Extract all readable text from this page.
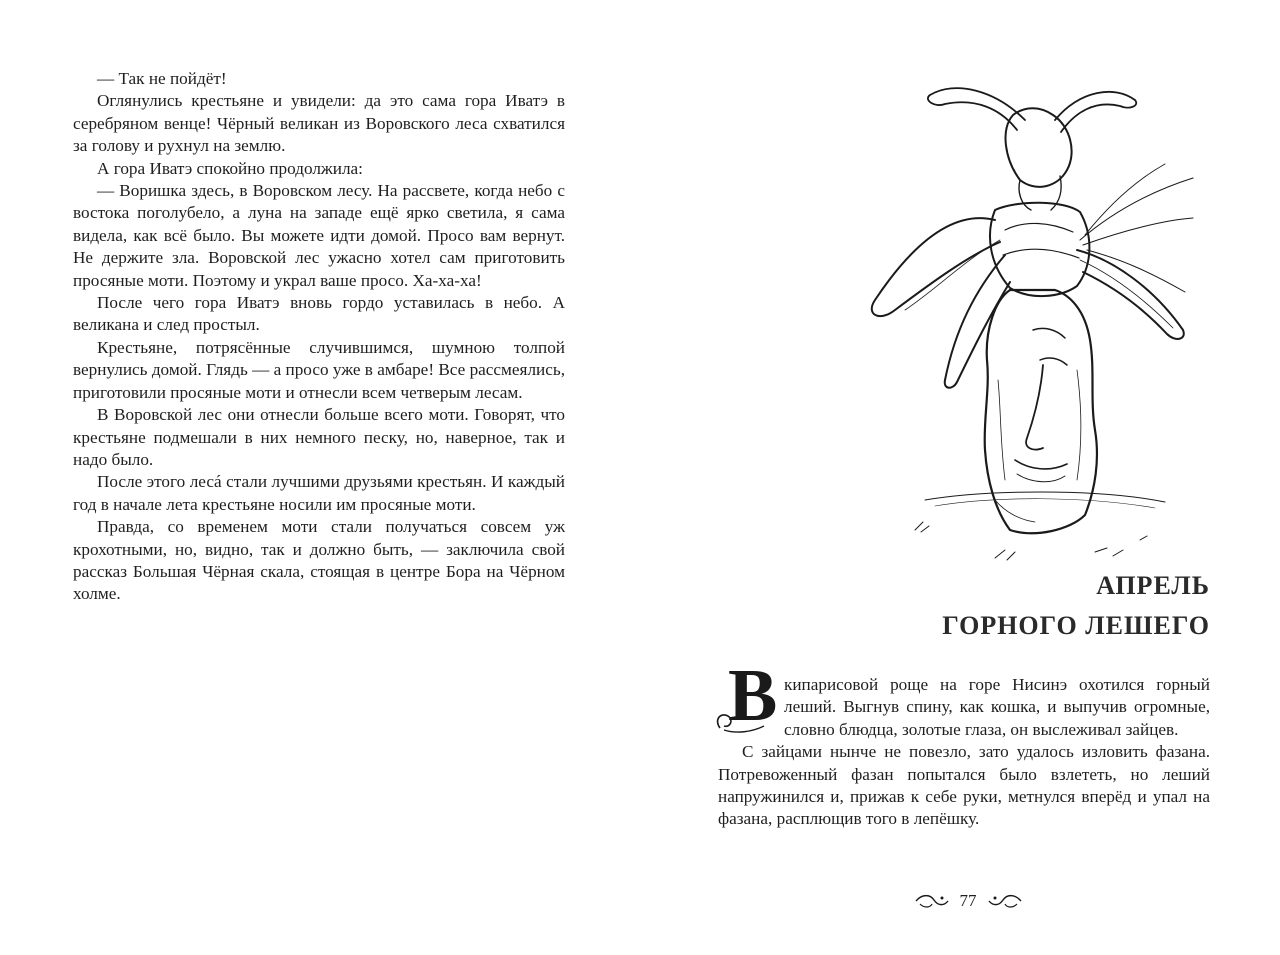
— Так не пойдёт!

Оглянулись крестьяне и увидели: да это сама гора Иватэ в серебряном венце! Чёрный великан из Воровского леса схватился за голову и рухнул на землю.

А гора Иватэ спокойно продолжила:

— Воришка здесь, в Воровском лесу. На рассвете, когда небо с востока поголубело, а луна на западе ещё ярко светила, я сама видела, как всё было. Вы можете идти домой. Просо вам вернут. Не держите зла. Воровской лес ужасно хотел сам приготовить просяные моти. Поэтому и украл ваше просо. Ха-ха-ха!

После чего гора Иватэ вновь гордо уставилась в небо. А великана и след простыл.

Крестьяне, потрясённые случившимся, шумною толпой вернулись домой. Глядь — а просо уже в амбаре! Все рассмеялись, приготовили просяные моти и отнесли всем четверым лесам.

В Воровской лес они отнесли больше всего моти. Говорят, что крестьяне подмешали в них немного песку, но, наверное, так и надо было.

После этого лесá стали лучшими друзьями крестьян. И каждый год в начале лета крестьяне носили им просяные моти.

Правда, со временем моти стали получаться совсем уж крохотными, но, видно, так и должно быть, — заключила свой рассказ Большая Чёрная скала, стоящая в центре Бора на Чёрном холме.	АПРЕЛЬ
ГОРНОГО ЛЕШЕГО

В кипарисовой роще на горе Нисинэ охотился горный леший. Выгнув спину, как кошка, и выпучив огромные, словно блюдца, золотые глаза, он выслеживал зайцев.

С зайцами нынче не повезло, зато удалось изловить фазана. Потревоженный фазан попытался было взлететь, но леший напружинился и, прижав к себе руки, метнулся вперёд и упал на фазана, расплющив того в лепёшку.

77
